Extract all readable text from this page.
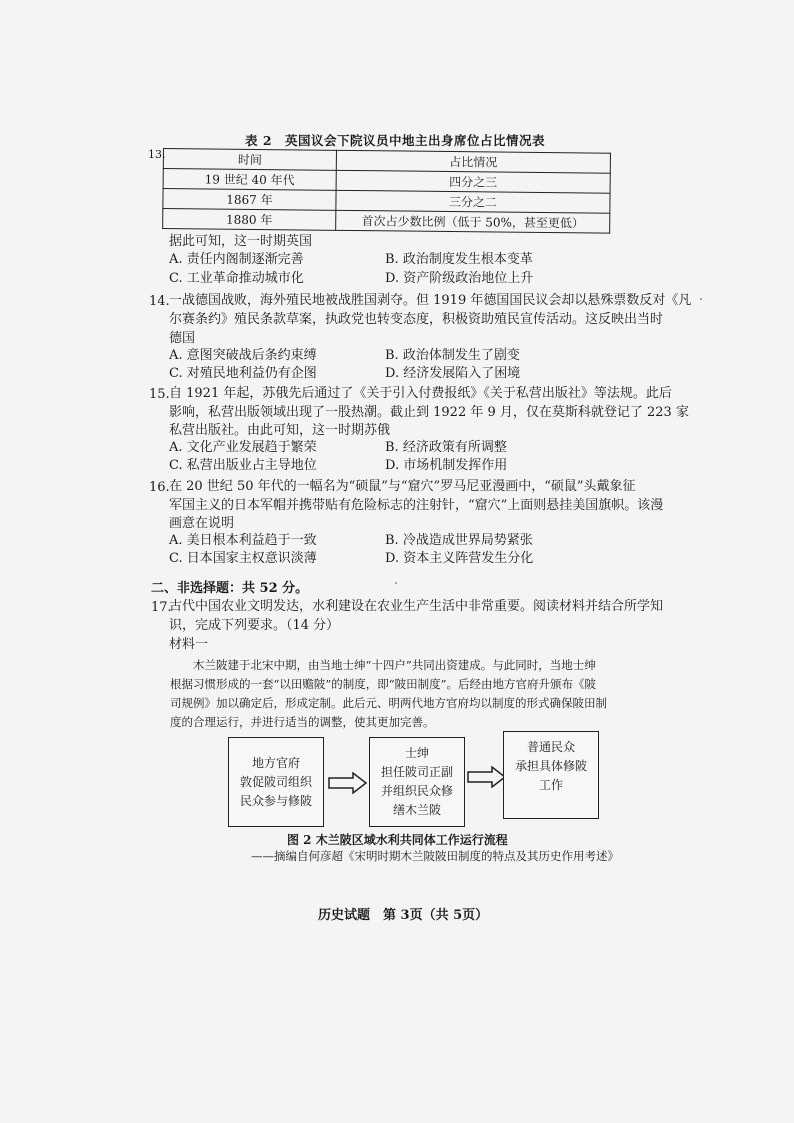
13.
表 2　英国议会下院议员中地主出身席位占比情况表
时间	占比情况
19 世纪 40 年代	四分之三
1867 年	三分之二
1880 年	首次占少数比例（低于 50%，甚至更低）
据此可知，这一时期英国
A. 责任内阁制逐渐完善	B. 政治制度发生根本变革
C. 工业革命推动城市化	D. 资产阶级政治地位上升
14. 一战德国战败，海外殖民地被战胜国剥夺。但 1919 年德国国民议会却以悬殊票数反对《凡
尔赛条约》殖民条款草案，执政党也转变态度，积极资助殖民宣传活动。这反映出当时
德国
A. 意图突破战后条约束缚	B. 政治体制发生了剧变
C. 对殖民地利益仍有企图	D. 经济发展陷入了困境
15. 自 1921 年起，苏俄先后通过了《关于引入付费报纸》《关于私营出版社》等法规。此后
影响，私营出版领域出现了一股热潮。截止到 1922 年 9 月，仅在莫斯科就登记了 223 家
私营出版社。由此可知，这一时期苏俄
A. 文化产业发展趋于繁荣	B. 经济政策有所调整
C. 私营出版业占主导地位	D. 市场机制发挥作用
16. 在 20 世纪 50 年代的一幅名为“硕鼠”与“窟穴”罗马尼亚漫画中，“硕鼠”头戴象征
军国主义的日本军帽并携带贴有危险标志的注射针，“窟穴”上面则悬挂美国旗帜。该漫
画意在说明
A. 美日根本利益趋于一致	B. 冷战造成世界局势紧张
C. 日本国家主权意识淡薄	D. 资本主义阵营发生分化
二、非选择题：共 52 分。
17.
古代中国农业文明发达，水利建设在农业生产生活中非常重要。阅读材料并结合所学知
识，完成下列要求。（14 分）
材料一
木兰陂建于北宋中期，由当地士绅“十四户”共同出资建成。与此同时，当地士绅
根据习惯形成的一套“以田赡陂”的制度，即“陂田制度”。后经由地方官府升颁布《陂
司规例》加以确定后，形成定制。此后元、明两代地方官府均以制度的形式确保陂田制
度的合理运行，并进行适当的调整，使其更加完善。
地方官府
敦促陂司组织
民众参与修陂
士绅
担任陂司正副
并组织民众修
缮木兰陂
普通民众
承担具体修陂
工作
图 2 木兰陂区域水利共同体工作运行流程
——摘编自何彦超《宋明时期木兰陂陂田制度的特点及其历史作用考述》
历史试题　第 3页（共 5页）
